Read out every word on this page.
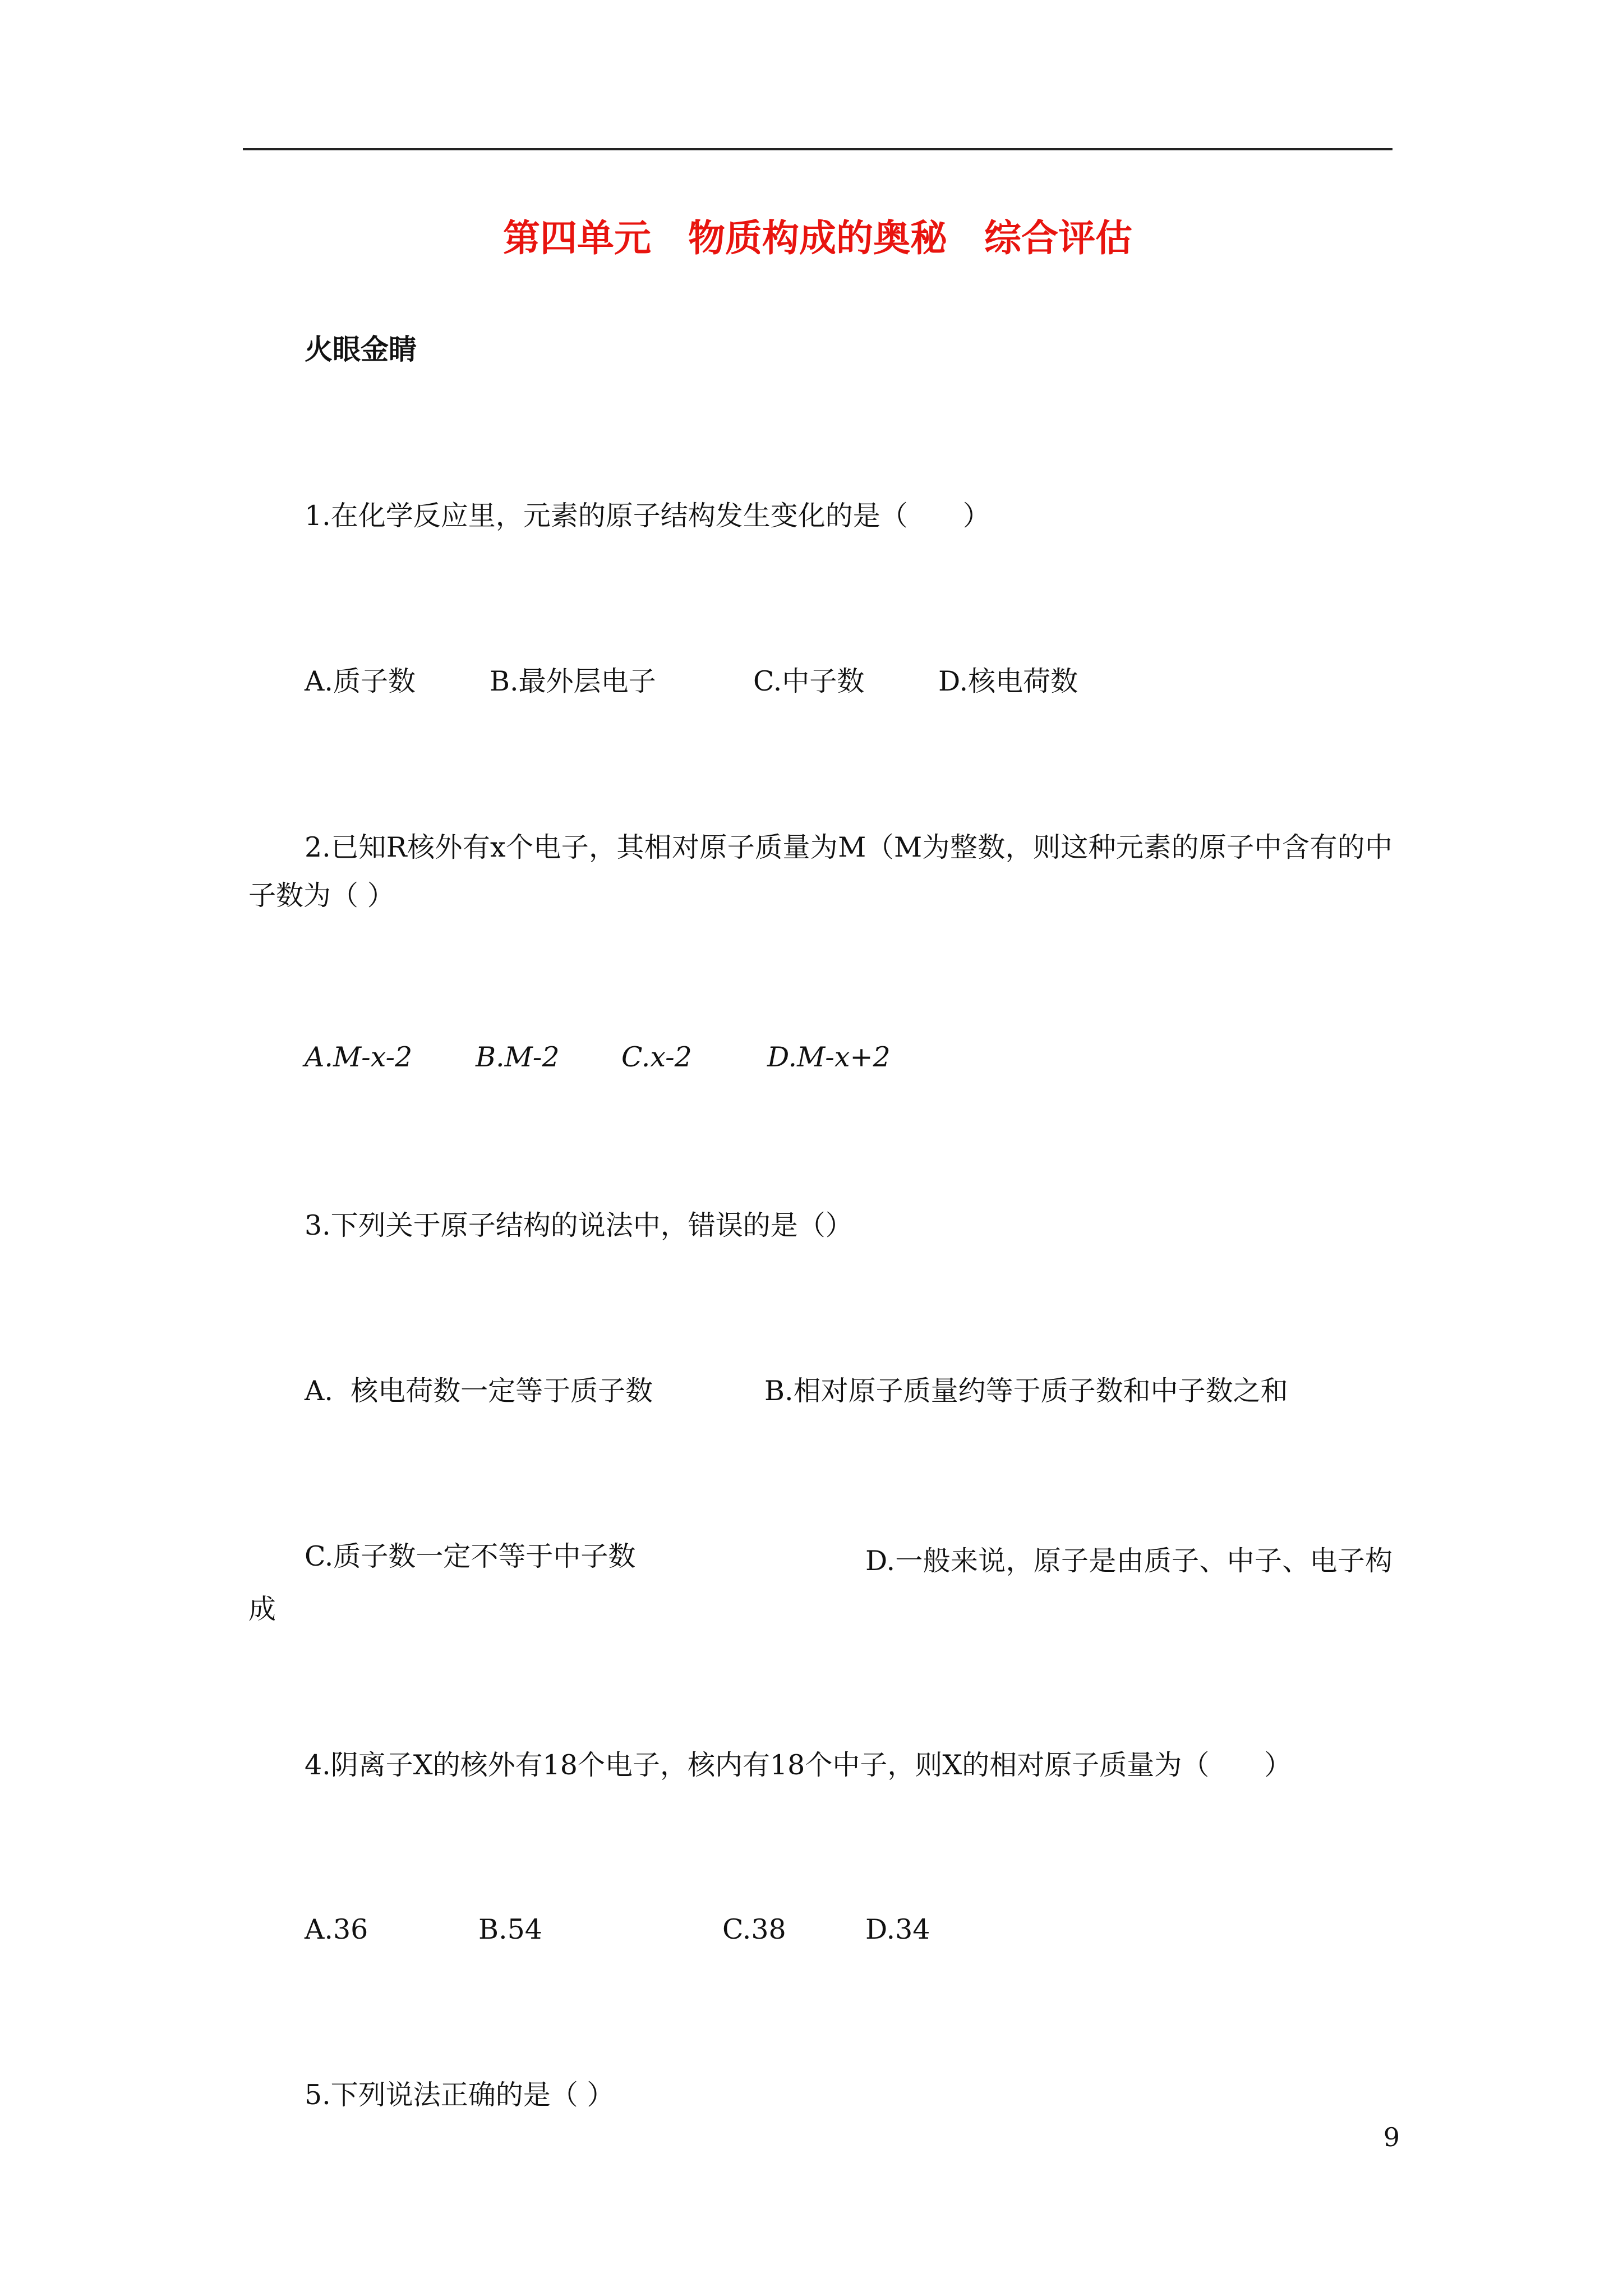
第四单元　物质构成的奥秘　综合评估
火眼金睛
1.在化学反应里，元素的原子结构发生变化的是（　　）
A.质子数	B.最外层电子	C.中子数	D.核电荷数
2.已知R核外有x个电子，其相对原子质量为M（M为整数，则这种元素的原子中含有的中子数为（ ）
A.M-x-2 B.M-2 C.x-2	D.M-x+2
3.下列关于原子结构的说法中，错误的是（）
A.  核电荷数一定等于质子数	B.相对原子质量约等于质子数和中子数之和
C.质子数一定不等于中子数	D.一般来说，原子是由质子、中子、电子构成
4.阴离子X的核外有18个电子，核内有18个中子，则X的相对原子质量为（　　）
A.36	B.54	C.38	D.34
5.下列说法正确的是（ ）
9
